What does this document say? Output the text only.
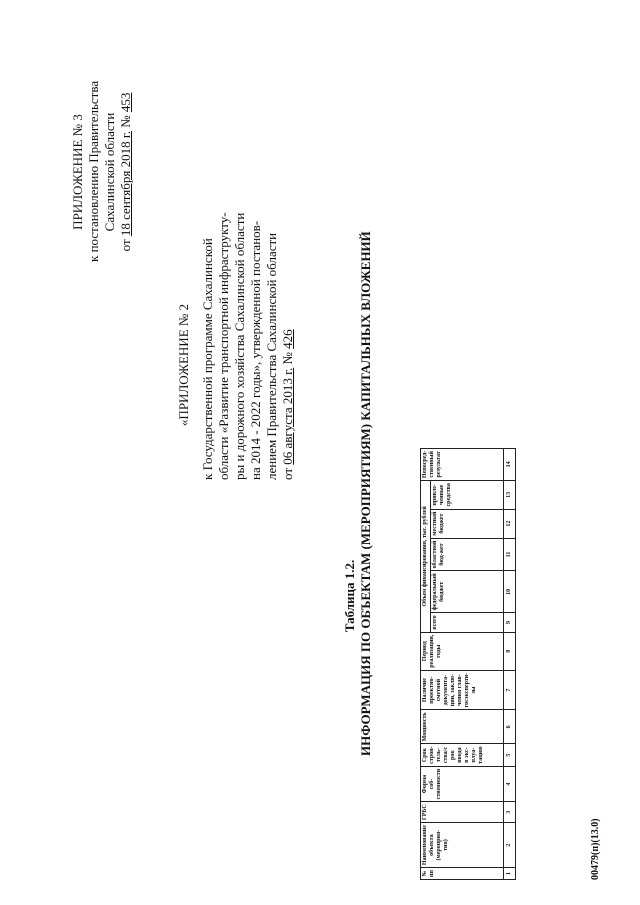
ПРИЛОЖЕНИЕ № 3 к постановлению Правительства Сахалинской области
от 18 сентября 2018 г. № 453
«ПРИЛОЖЕНИЕ № 2 к Государственной программе Сахалинской области «Развитие транспортной инфраструкту- ры и дорожного хозяйства Сахалинской области на 2014 - 2022 годы», утвержденной постанов- лением Правительства Сахалинской области от 06 августа 2013 г. № 426
Таблица 1.2. ИНФОРМАЦИЯ ПО ОБЪЕКТАМ (МЕРОПРИЯТИЯМ) КАПИТАЛЬНЫХ ВЛОЖЕНИЙ
№ пп	Наименование объекта (мероприя-тия)	ГРБС	Форма соб-ственности	Срок строи-тель-ства/с рок ввода в экс-плуа-тацию	Мощность	Наличие проектно-сметной документа-ции, заклю-чения глав-госэксперти-зы	Период реализации, годы	Объем финансирования, тыс. рублей					Непосред-ственный результат
								всего	федеральный бюджет	областной бюд-жет	местный бюджет	привле-ченные средства	
1	2	3	4	5	6	7	8	9	10	11	12	13	14
00479(п)(13.0)
